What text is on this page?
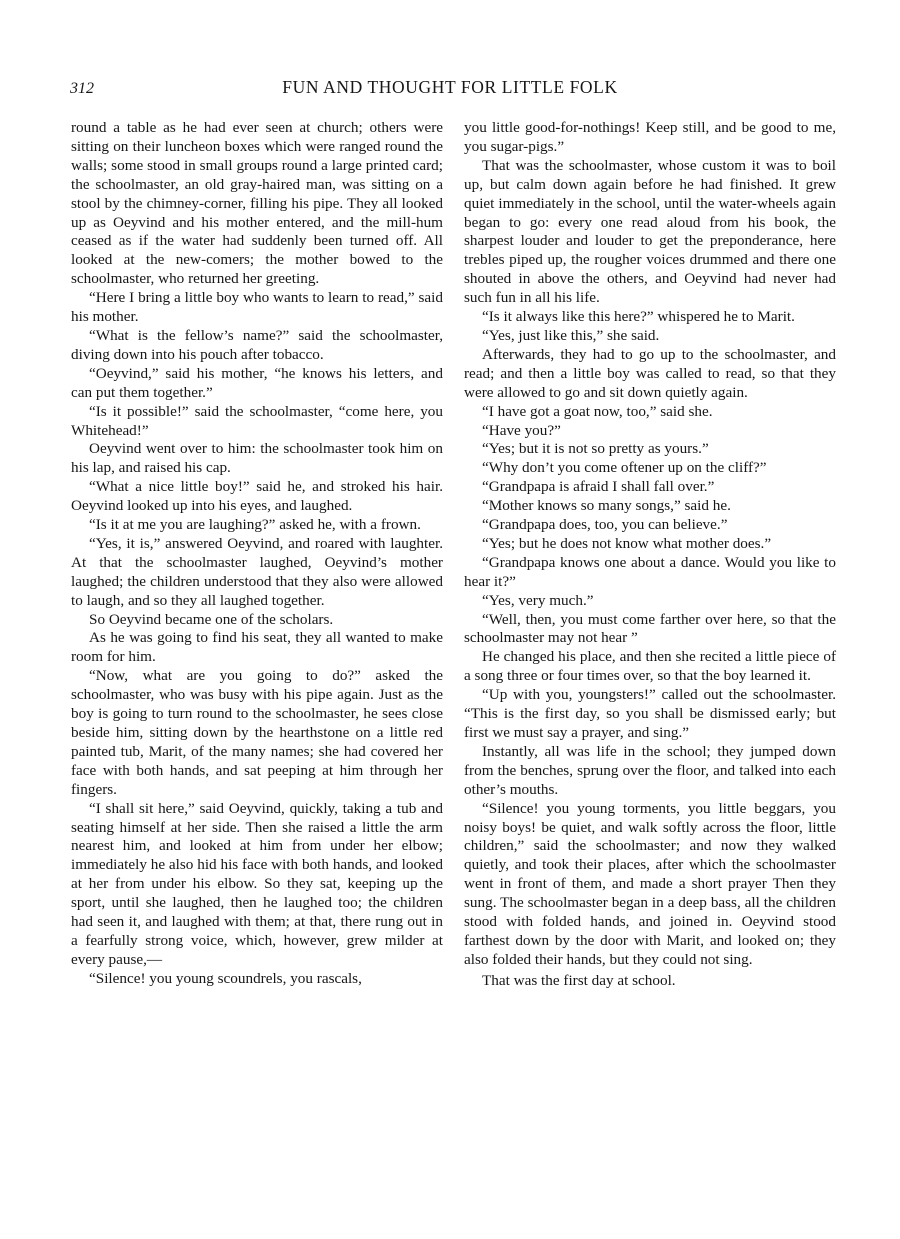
312	FUN AND THOUGHT FOR LITTLE FOLK

round a table as he had ever seen at church; others were sitting on their luncheon boxes which were ranged round the walls; some stood in small groups round a large printed card; the schoolmaster, an old gray-haired man, was sitting on a stool by the chimney-corner, filling his pipe. They all looked up as Oeyvind and his mother entered, and the mill-hum ceased as if the water had suddenly been turned off. All looked at the new-comers; the mother bowed to the schoolmaster, who returned her greeting.

“Here I bring a little boy who wants to learn to read,” said his mother.

“What is the fellow’s name?” said the schoolmaster, diving down into his pouch after tobacco.

“Oeyvind,” said his mother, “he knows his letters, and can put them together.”

“Is it possible!” said the schoolmaster, “come here, you Whitehead!”

Oeyvind went over to him: the schoolmaster took him on his lap, and raised his cap.

“What a nice little boy!” said he, and stroked his hair. Oeyvind looked up into his eyes, and laughed.

“Is it at me you are laughing?” asked he, with a frown.

“Yes, it is,” answered Oeyvind, and roared with laughter. At that the schoolmaster laughed, Oeyvind’s mother laughed; the children understood that they also were allowed to laugh, and so they all laughed together.

So Oeyvind became one of the scholars.

As he was going to find his seat, they all wanted to make room for him.

“Now, what are you going to do?” asked the schoolmaster, who was busy with his pipe again. Just as the boy is going to turn round to the schoolmaster, he sees close beside him, sitting down by the hearthstone on a little red painted tub, Marit, of the many names; she had covered her face with both hands, and sat peeping at him through her fingers.

“I shall sit here,” said Oeyvind, quickly, taking a tub and seating himself at her side. Then she raised a little the arm nearest him, and looked at him from under her elbow; immediately he also hid his face with both hands, and looked at her from under his elbow. So they sat, keeping up the sport, until she laughed, then he laughed too; the children had seen it, and laughed with them; at that, there rung out in a fearfully strong voice, which, however, grew milder at every pause,—

“Silence! you young scoundrels, you rascals,

you little good-for-nothings! Keep still, and be good to me, you sugar-pigs.”

That was the schoolmaster, whose custom it was to boil up, but calm down again before he had finished. It grew quiet immediately in the school, until the water-wheels again began to go: every one read aloud from his book, the sharpest louder and louder to get the preponderance, here trebles piped up, the rougher voices drummed and there one shouted in above the others, and Oeyvind had never had such fun in all his life.

“Is it always like this here?” whispered he to Marit.

“Yes, just like this,” she said.

Afterwards, they had to go up to the schoolmaster, and read; and then a little boy was called to read, so that they were allowed to go and sit down quietly again.

“I have got a goat now, too,” said she.

“Have you?”

“Yes; but it is not so pretty as yours.”

“Why don’t you come oftener up on the cliff?”

“Grandpapa is afraid I shall fall over.”

“Mother knows so many songs,” said he.

“Grandpapa does, too, you can believe.”

“Yes; but he does not know what mother does.”

“Grandpapa knows one about a dance. Would you like to hear it?”

“Yes, very much.”

“Well, then, you must come farther over here, so that the schoolmaster may not hear ”

He changed his place, and then she recited a little piece of a song three or four times over, so that the boy learned it.

“Up with you, youngsters!” called out the schoolmaster. “This is the first day, so you shall be dismissed early; but first we must say a prayer, and sing.”

Instantly, all was life in the school; they jumped down from the benches, sprung over the floor, and talked into each other’s mouths.

“Silence! you young torments, you little beggars, you noisy boys! be quiet, and walk softly across the floor, little children,” said the schoolmaster; and now they walked quietly, and took their places, after which the schoolmaster went in front of them, and made a short prayer Then they sung. The schoolmaster began in a deep bass, all the children stood with folded hands, and joined in. Oeyvind stood farthest down by the door with Marit, and looked on; they also folded their hands, but they could not sing.

That was the first day at school.
